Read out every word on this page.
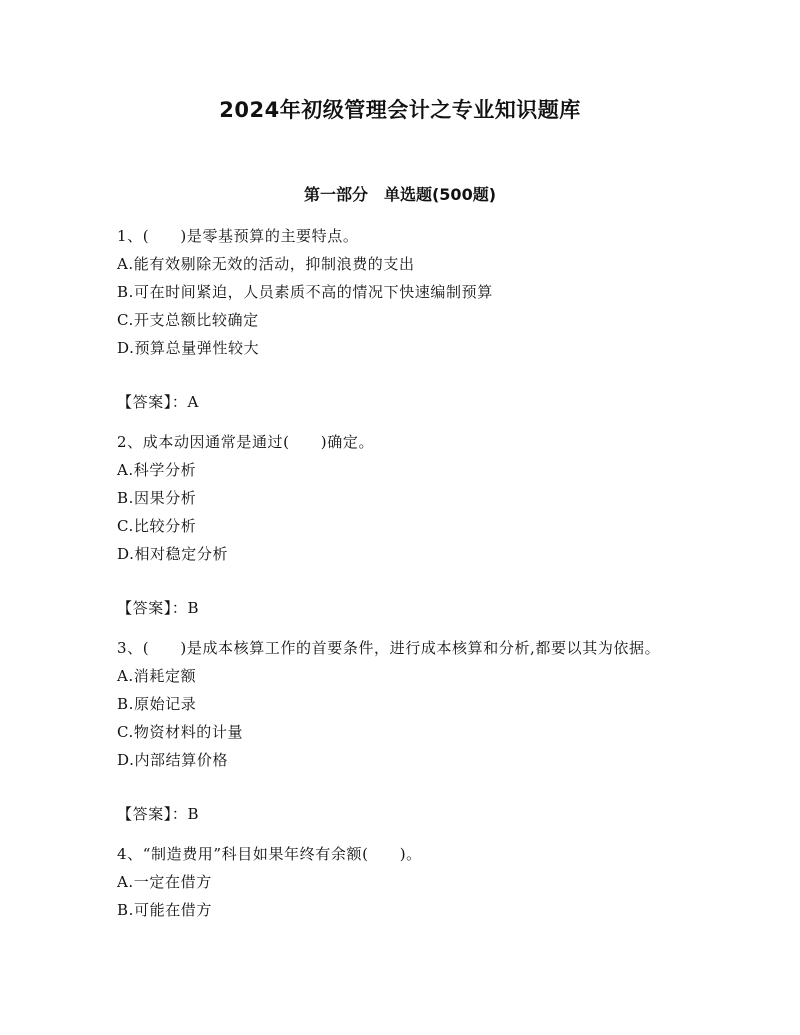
2024年初级管理会计之专业知识题库
第一部分　单选题(500题)

1、(　　)是零基预算的主要特点。

A.能有效剔除无效的活动，抑制浪费的支出

B.可在时间紧迫，人员素质不高的情况下快速编制预算

C.开支总额比较确定

D.预算总量弹性较大

【答案】：A

2、成本动因通常是通过(　　)确定。

A.科学分析

B.因果分析

C.比较分析

D.相对稳定分析

【答案】：B

3、(　　)是成本核算工作的首要条件，进行成本核算和分析,都要以其为依据。

A.消耗定额

B.原始记录

C.物资材料的计量

D.内部结算价格

【答案】：B

4、“制造费用”科目如果年终有余额(　　)。

A.一定在借方

B.可能在借方
